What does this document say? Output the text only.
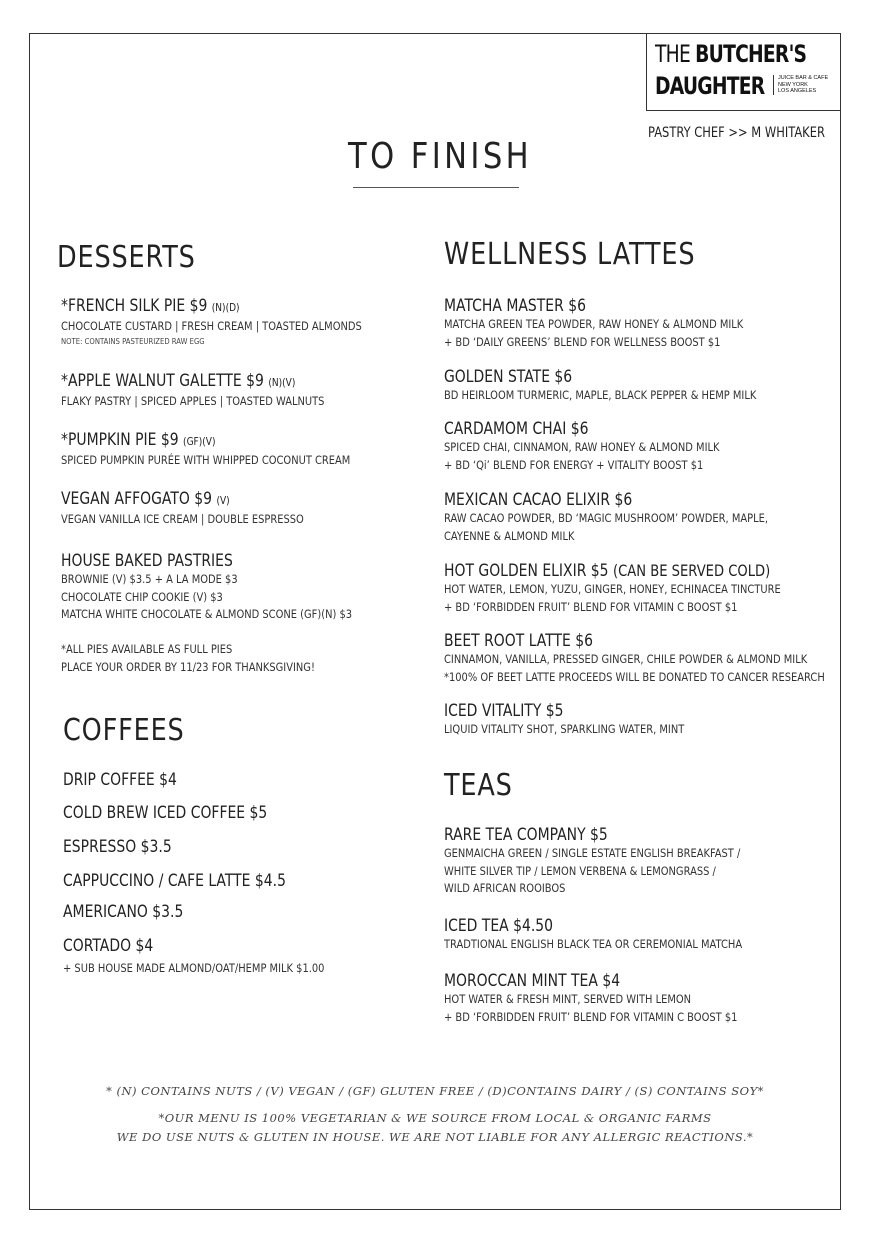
THE BUTCHER'S
DAUGHTER JUICE BAR & CAFE
NEW YORK
LOS ANGELES
PASTRY CHEF >> M WHITAKER
TO FINISH
DESSERTS
*FRENCH SILK PIE $9 (N)(D)
CHOCOLATE CUSTARD | FRESH CREAM | TOASTED ALMONDS
NOTE: CONTAINS PASTEURIZED RAW EGG
*APPLE WALNUT GALETTE $9 (N)(V)
FLAKY PASTRY | SPICED APPLES | TOASTED WALNUTS
*PUMPKIN PIE $9 (GF)(V)
SPICED PUMPKIN PURÉE WITH WHIPPED COCONUT CREAM
VEGAN AFFOGATO $9 (V)
VEGAN VANILLA ICE CREAM | DOUBLE ESPRESSO
HOUSE BAKED PASTRIES
BROWNIE (V) $3.5 + A LA MODE $3
CHOCOLATE CHIP COOKIE (V) $3
MATCHA WHITE CHOCOLATE & ALMOND SCONE (GF)(N) $3
*ALL PIES AVAILABLE AS FULL PIES
PLACE YOUR ORDER BY 11/23 FOR THANKSGIVING!
COFFEES
DRIP COFFEE $4
COLD BREW ICED COFFEE $5
ESPRESSO $3.5
CAPPUCCINO / CAFE LATTE $4.5
AMERICANO $3.5
CORTADO $4
+ SUB HOUSE MADE ALMOND/OAT/HEMP MILK $1.00
WELLNESS LATTES
MATCHA MASTER $6
MATCHA GREEN TEA POWDER, RAW HONEY & ALMOND MILK
+ BD ‘DAILY GREENS’ BLEND FOR WELLNESS BOOST $1
GOLDEN STATE $6
BD HEIRLOOM TURMERIC, MAPLE, BLACK PEPPER & HEMP MILK
CARDAMOM CHAI $6
SPICED CHAI, CINNAMON, RAW HONEY & ALMOND MILK
+ BD ‘Qi’ BLEND FOR ENERGY + VITALITY BOOST $1
MEXICAN CACAO ELIXIR $6
RAW CACAO POWDER, BD ‘MAGIC MUSHROOM’ POWDER, MAPLE,
CAYENNE & ALMOND MILK
HOT GOLDEN ELIXIR $5 (CAN BE SERVED COLD)
HOT WATER, LEMON, YUZU, GINGER, HONEY, ECHINACEA TINCTURE
+ BD ‘FORBIDDEN FRUIT’ BLEND FOR VITAMIN C BOOST $1
BEET ROOT LATTE $6
CINNAMON, VANILLA, PRESSED GINGER, CHILE POWDER & ALMOND MILK
*100% OF BEET LATTE PROCEEDS WILL BE DONATED TO CANCER RESEARCH
ICED VITALITY $5
LIQUID VITALITY SHOT, SPARKLING WATER, MINT
TEAS
RARE TEA COMPANY $5
GENMAICHA GREEN / SINGLE ESTATE ENGLISH BREAKFAST /
WHITE SILVER TIP / LEMON VERBENA & LEMONGRASS /
WILD AFRICAN ROOIBOS
ICED TEA $4.50
TRADTIONAL ENGLISH BLACK TEA OR CEREMONIAL MATCHA
MOROCCAN MINT TEA $4
HOT WATER & FRESH MINT, SERVED WITH LEMON
+ BD ‘FORBIDDEN FRUIT’ BLEND FOR VITAMIN C BOOST $1
* (N) CONTAINS NUTS / (V) VEGAN / (GF) GLUTEN FREE / (D)CONTAINS DAIRY / (S) CONTAINS SOY*
*OUR MENU IS 100% VEGETARIAN & WE SOURCE FROM LOCAL & ORGANIC FARMS
WE DO USE NUTS & GLUTEN IN HOUSE. WE ARE NOT LIABLE FOR ANY ALLERGIC REACTIONS.*
